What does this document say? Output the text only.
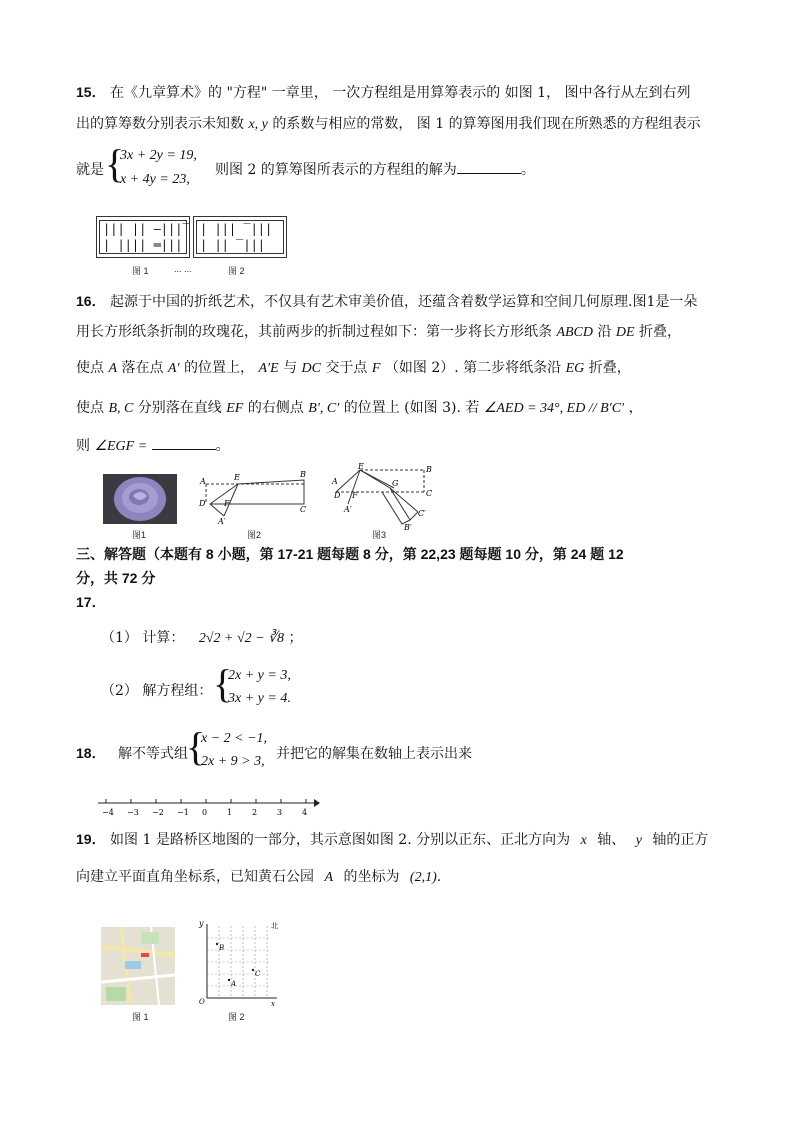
15． 在《九章算术》的 "方程" 一章里， 一次方程组是用算筹表示的 如图 1， 图中各行从左到右列
出的算筹数分别表示未知数 x, y 的系数与相应的常数， 图 1 的算筹图用我们现在所熟悉的方程组表示
就是 {
3x + 2y = 19,
x + 4y = 23,
则图 2 的算筹图所表示的方程组的解为	。
||| || —|||‾
| |||| ═|||
| ||| ‾|||
| || ‾|||
图 1	... ...	图 2
16． 起源于中国的折纸艺术，不仅具有艺术审美价值，还蕴含着数学运算和空间几何原理.图1是一朵
用长方形纸条折制的玫瑰花，其前两步的折制过程如下：第一步将长方形纸条 ABCD 沿 DE 折叠，
使点 A 落在点 A′ 的位置上， A′E 与 DC 交于点 F （如图 2）. 第二步将纸条沿 EG 折叠，
使点 B, C 分别落在直线 EF 的右侧点 B′, C′ 的位置上 (如图 3). 若 ∠AED = 34°, ED // B′C′ ，
则 ∠EGF =	。
图1
A	E	B
D F
C
A′
图2
E	B
A	G
C
D F
A′	C′
B′
图3
三、解答题（本题有 8 小题，第 17-21 题每题 8 分，第 22,23 题每题 10 分，第 24 题 12
分，共 72 分
17．
（1） 计算： 2√2 + √2 − ∛8 ；
（2） 解方程组： {
2x + y = 3,
3x + y = 4.
18． 解不等式组
{
x − 2 < −1,
2x + 9 > 3, 并把它的解集在数轴上表示出来
−4 −3 −2 −1 0 1 2 3 4
19． 如图 1 是路桥区地图的一部分，其示意图如图 2. 分别以正东、正北方向为 x 轴、 y 轴的正方
向建立平面直角坐标系，已知黄石公园 A 的坐标为 (2,1).
图 1
y	北
B
C
A
O	x
图 2
